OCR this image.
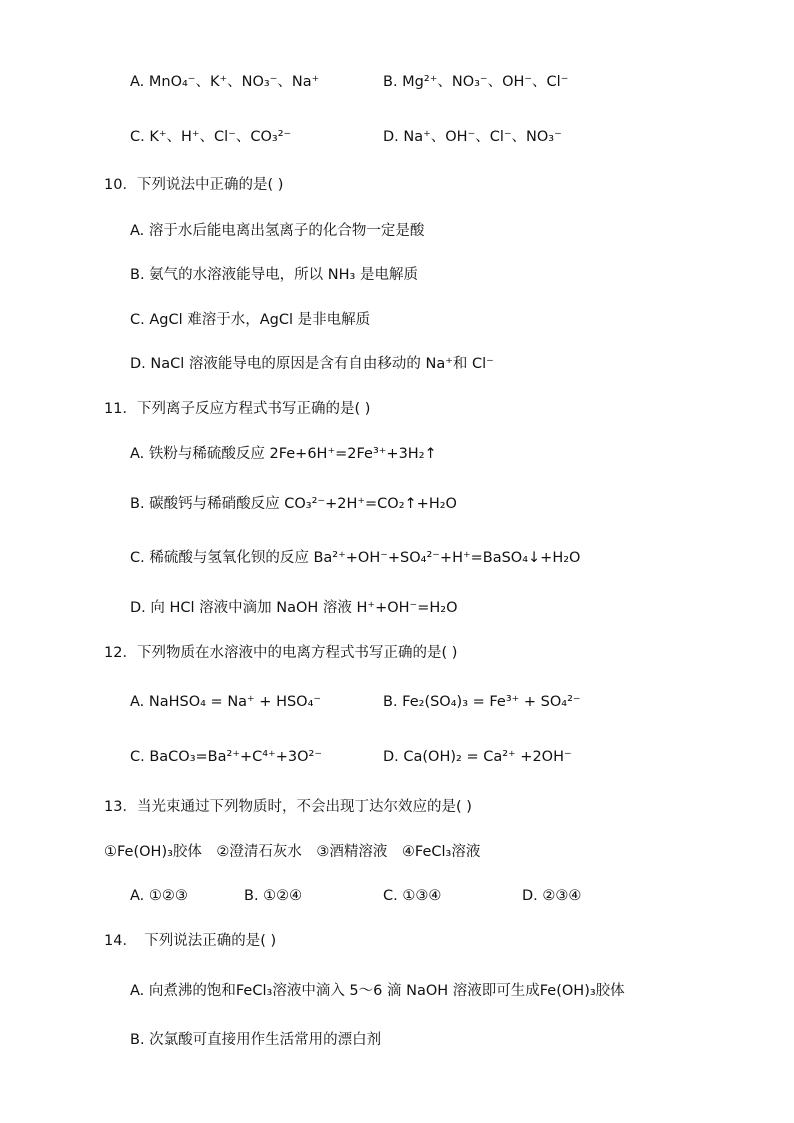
A. MnO₄⁻、K⁺、NO₃⁻、Na⁺	B. Mg²⁺、NO₃⁻、OH⁻、Cl⁻
C. K⁺、H⁺、Cl⁻、CO₃²⁻	D. Na⁺、OH⁻、Cl⁻、NO₃⁻
10．下列说法中正确的是( )
A. 溶于水后能电离出氢离子的化合物一定是酸
B. 氨气的水溶液能导电，所以 NH₃ 是电解质
C. AgCl 难溶于水，AgCl 是非电解质
D. NaCl 溶液能导电的原因是含有自由移动的 Na⁺和 Cl⁻
11．下列离子反应方程式书写正确的是( )
A. 铁粉与稀硫酸反应 2Fe+6H⁺=2Fe³⁺+3H₂↑
B. 碳酸钙与稀硝酸反应 CO₃²⁻+2H⁺=CO₂↑+H₂O
C. 稀硫酸与氢氧化钡的反应 Ba²⁺+OH⁻+SO₄²⁻+H⁺=BaSO₄↓+H₂O
D. 向 HCl 溶液中滴加 NaOH 溶液 H⁺+OH⁻=H₂O
12．下列物质在水溶液中的电离方程式书写正确的是( )
A. NaHSO₄ = Na⁺ + HSO₄⁻	B. Fe₂(SO₄)₃ = Fe³⁺ + SO₄²⁻
C. BaCO₃=Ba²⁺+C⁴⁺+3O²⁻	D. Ca(OH)₂ = Ca²⁺ +2OH⁻
13．当光束通过下列物质时，不会出现丁达尔效应的是( )
①Fe(OH)₃胶体　②澄清石灰水　③酒精溶液　④FeCl₃溶液
A. ①②③	B. ①②④	C. ①③④	D. ②③④
14．　下列说法正确的是( )
A. 向煮沸的饱和FeCl₃溶液中滴入 5～6 滴 NaOH 溶液即可生成Fe(OH)₃胶体
B. 次氯酸可直接用作生活常用的漂白剂
